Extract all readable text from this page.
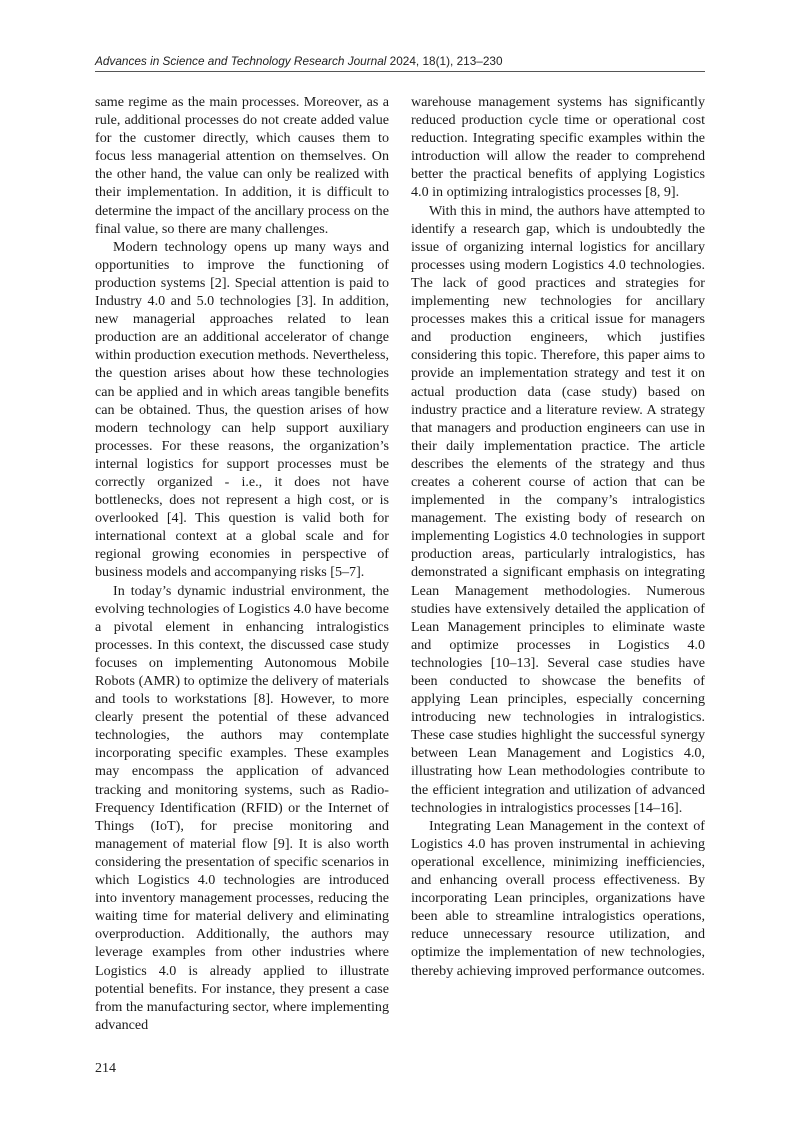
Advances in Science and Technology Research Journal 2024, 18(1), 213–230

same regime as the main processes. Moreover, as a rule, additional processes do not create added value for the customer directly, which causes them to focus less managerial attention on themselves. On the other hand, the value can only be realized with their implementation. In addition, it is difficult to determine the impact of the ancillary process on the final value, so there are many challenges.

Modern technology opens up many ways and opportunities to improve the functioning of production systems [2]. Special attention is paid to Industry 4.0 and 5.0 technologies [3]. In addition, new managerial approaches related to lean production are an additional accelerator of change within production execution methods. Nevertheless, the question arises about how these technologies can be applied and in which areas tangible benefits can be obtained. Thus, the question arises of how modern technology can help support auxiliary processes. For these reasons, the organization’s internal logistics for support processes must be correctly organized - i.e., it does not have bottlenecks, does not represent a high cost, or is overlooked [4]. This question is valid both for international context at a global scale and for regional growing economies in perspective of business models and accompanying risks [5–7].

In today’s dynamic industrial environment, the evolving technologies of Logistics 4.0 have become a pivotal element in enhancing intralogistics processes. In this context, the discussed case study focuses on implementing Autonomous Mobile Robots (AMR) to optimize the delivery of materials and tools to workstations [8]. However, to more clearly present the potential of these advanced technologies, the authors may contemplate incorporating specific examples. These examples may encompass the application of advanced tracking and monitoring systems, such as Radio-Frequency Identification (RFID) or the Internet of Things (IoT), for precise monitoring and management of material flow [9]. It is also worth considering the presentation of specific scenarios in which Logistics 4.0 technologies are introduced into inventory management processes, reducing the waiting time for material delivery and eliminating overproduction. Additionally, the authors may leverage examples from other industries where Logistics 4.0 is already applied to illustrate potential benefits. For instance, they present a case from the manufacturing sector, where implementing advanced

warehouse management systems has significantly reduced production cycle time or operational cost reduction. Integrating specific examples within the introduction will allow the reader to comprehend better the practical benefits of applying Logistics 4.0 in optimizing intralogistics processes [8, 9].

With this in mind, the authors have attempted to identify a research gap, which is undoubtedly the issue of organizing internal logistics for ancillary processes using modern Logistics 4.0 technologies. The lack of good practices and strategies for implementing new technologies for ancillary processes makes this a critical issue for managers and production engineers, which justifies considering this topic. Therefore, this paper aims to provide an implementation strategy and test it on actual production data (case study) based on industry practice and a literature review. A strategy that managers and production engineers can use in their daily implementation practice. The article describes the elements of the strategy and thus creates a coherent course of action that can be implemented in the company’s intralogistics management. The existing body of research on implementing Logistics 4.0 technologies in support production areas, particularly intralogistics, has demonstrated a significant emphasis on integrating Lean Management methodologies. Numerous studies have extensively detailed the application of Lean Management principles to eliminate waste and optimize processes in Logistics 4.0 technologies [10–13]. Several case studies have been conducted to showcase the benefits of applying Lean principles, especially concerning introducing new technologies in intralogistics. These case studies highlight the successful synergy between Lean Management and Logistics 4.0, illustrating how Lean methodologies contribute to the efficient integration and utilization of advanced technologies in intralogistics processes [14–16].

Integrating Lean Management in the context of Logistics 4.0 has proven instrumental in achieving operational excellence, minimizing inefficiencies, and enhancing overall process effectiveness. By incorporating Lean principles, organizations have been able to streamline intralogistics operations, reduce unnecessary resource utilization, and optimize the implementation of new technologies, thereby achieving improved performance outcomes.

214
